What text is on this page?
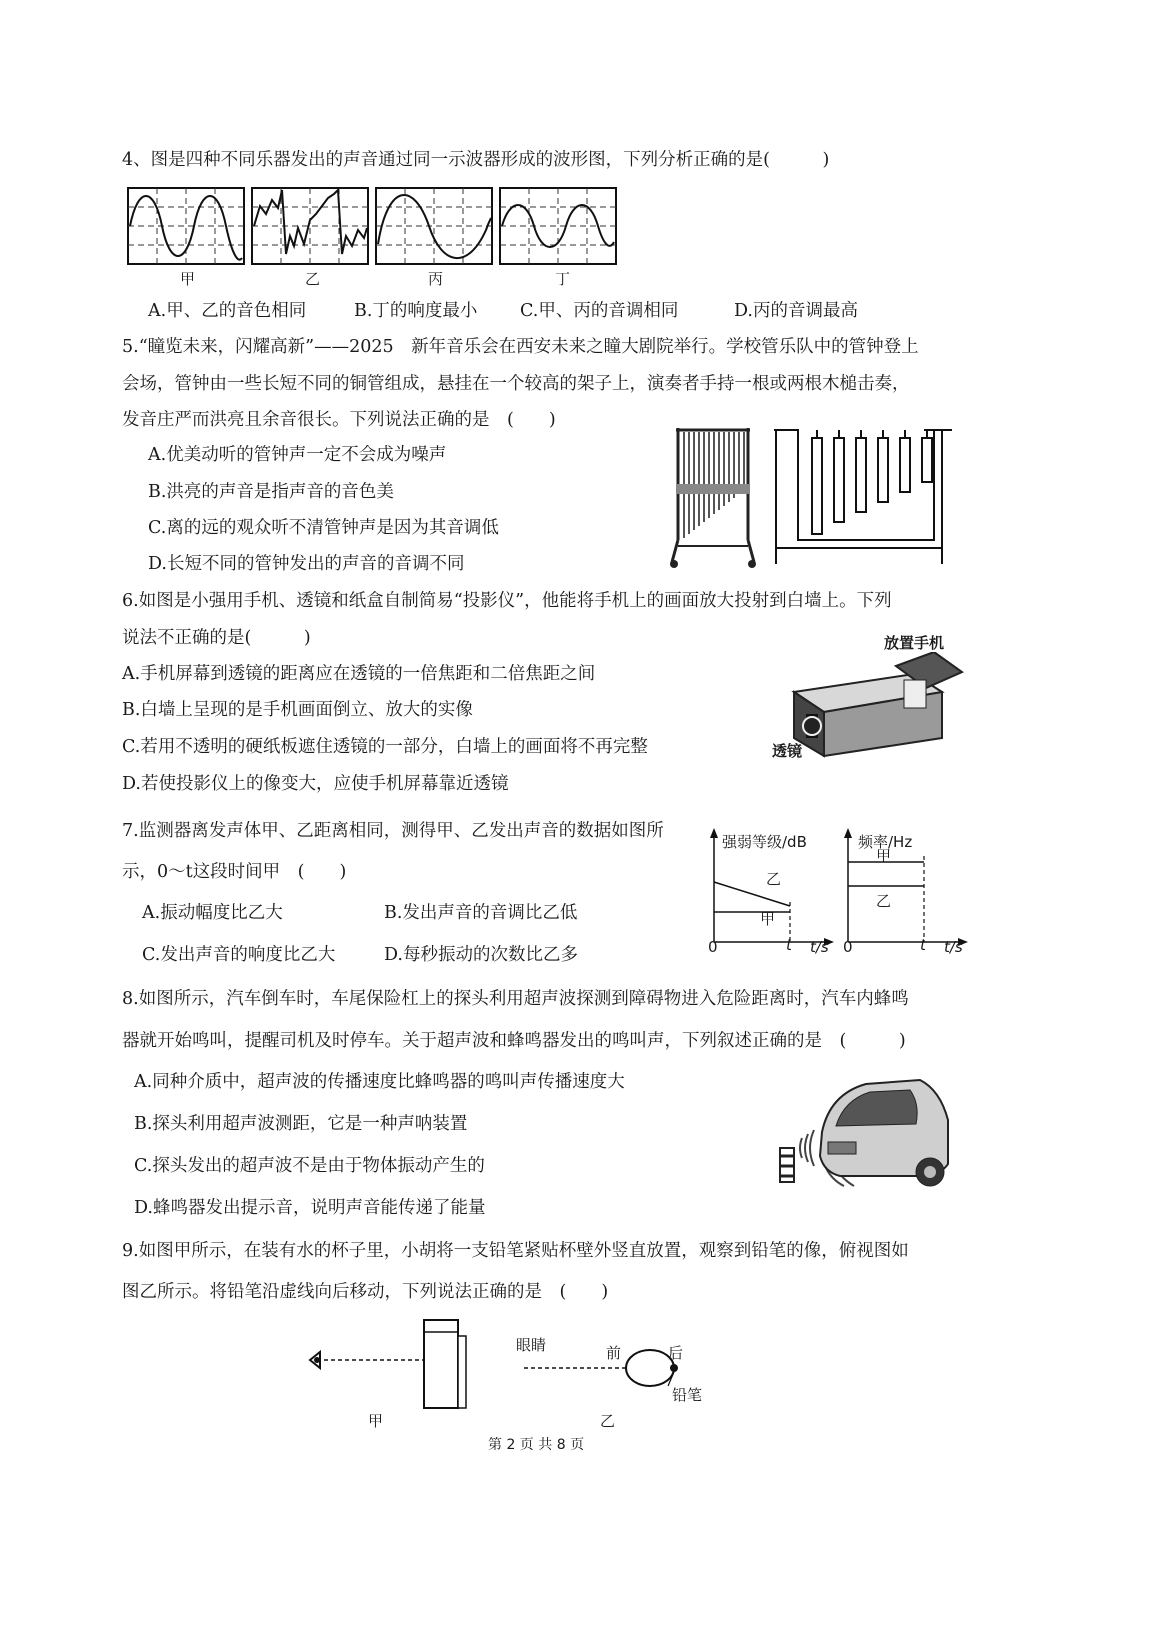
4、图是四种不同乐器发出的声音通过同一示波器形成的波形图，下列分析正确的是(　　　)
甲	乙	丙	丁
A.甲、乙的音色相同	B.丁的响度最小 C.甲、丙的音调相同	D.丙的音调最高
5.“瞳览未来，闪耀高新”——2025　新年音乐会在西安未来之瞳大剧院举行。学校管乐队中的管钟登上
会场，管钟由一些长短不同的铜管组成，悬挂在一个较高的架子上，演奏者手持一根或两根木槌击奏，
发音庄严而洪亮且余音很长。下列说法正确的是　(　　)
A.优美动听的管钟声一定不会成为噪声
B.洪亮的声音是指声音的音色美
C.离的远的观众听不清管钟声是因为其音调低
D.长短不同的管钟发出的声音的音调不同
6.如图是小强用手机、透镜和纸盒自制简易“投影仪”，他能将手机上的画面放大投射到白墙上。下列
说法不正确的是(　　　)
A.手机屏幕到透镜的距离应在透镜的一倍焦距和二倍焦距之间
B.白墙上呈现的是手机画面倒立、放大的实像
C.若用不透明的硬纸板遮住透镜的一部分，白墙上的画面将不再完整
D.若使投影仪上的像变大，应使手机屏幕靠近透镜
放置手机
透镜
7.监测器离发声体甲、乙距离相同，测得甲、乙发出声音的数据如图所
示，0～t这段时间甲　(　　)
A.振动幅度比乙大	B.发出声音的音调比乙低
C.发出声音的响度比乙大	D.每秒振动的次数比乙多
强弱等级/dB
乙
甲
0	t t/s
频率/Hz
甲
乙
0	t t/s
8.如图所示，汽车倒车时，车尾保险杠上的探头利用超声波探测到障碍物进入危险距离时，汽车内蜂鸣
器就开始鸣叫，提醒司机及时停车。关于超声波和蜂鸣器发出的鸣叫声，下列叙述正确的是　(　　　)
A.同种介质中，超声波的传播速度比蜂鸣器的鸣叫声传播速度大
B.探头利用超声波测距，它是一种声呐装置
C.探头发出的超声波不是由于物体振动产生的
D.蜂鸣器发出提示音，说明声音能传递了能量
9.如图甲所示，在装有水的杯子里，小胡将一支铅笔紧贴杯壁外竖直放置，观察到铅笔的像，俯视图如
图乙所示。将铅笔沿虚线向后移动，下列说法正确的是　(　　)
甲
眼睛	前	后
铅笔
乙
第 2 页 共 8 页
